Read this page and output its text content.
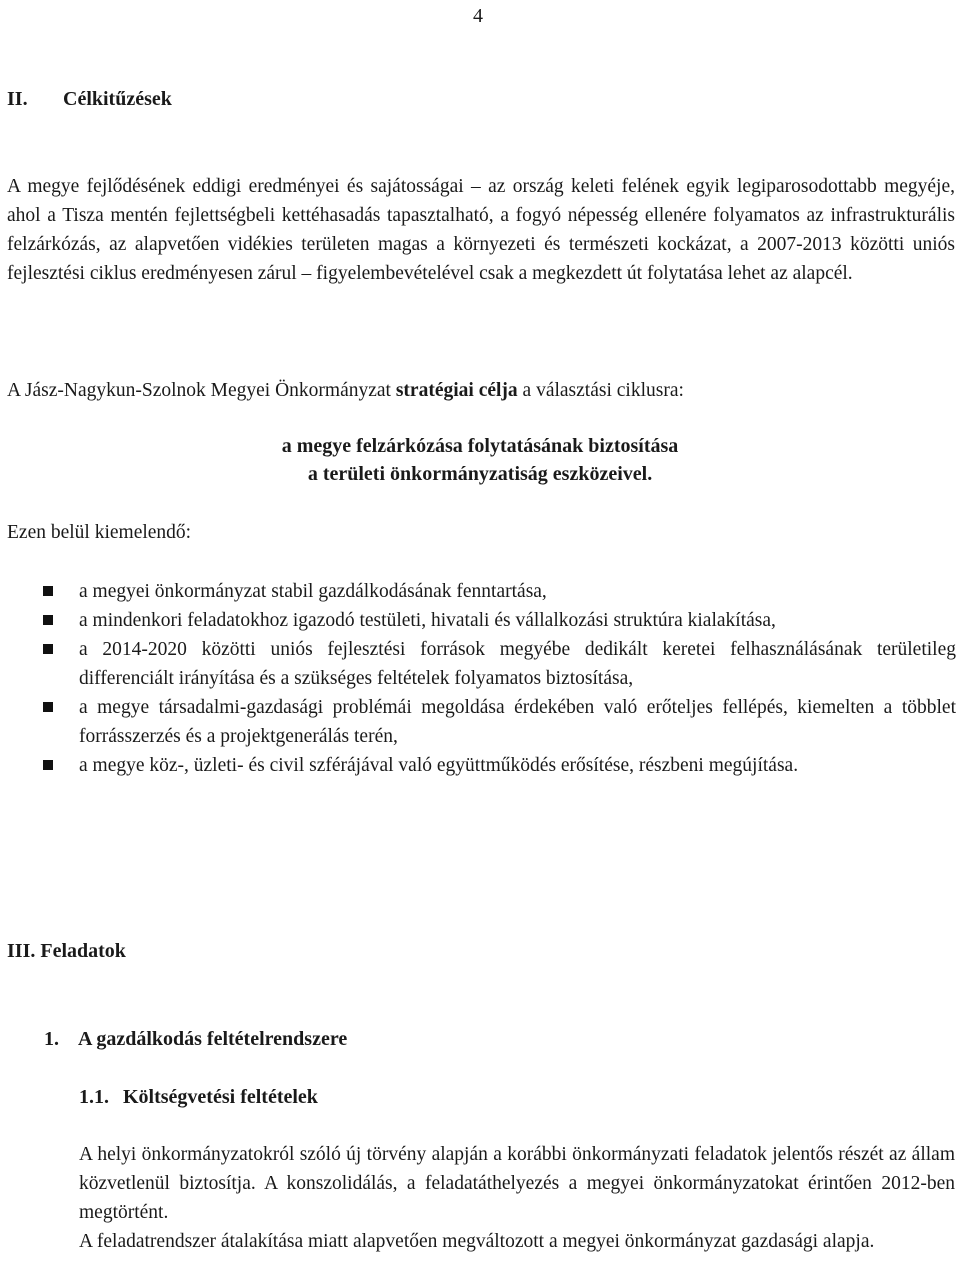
4
II. Célkitűzések
A megye fejlődésének eddigi eredményei és sajátosságai – az ország keleti felének egyik legiparosodottabb megyéje, ahol a Tisza mentén fejlettségbeli kettéhasadás tapasztalható, a fogyó népesség ellenére folyamatos az infrastrukturális felzárkózás, az alapvetően vidékies területen magas a környezeti és természeti kockázat, a 2007-2013 közötti uniós fejlesztési ciklus eredményesen zárul – figyelembevételével csak a megkezdett út folytatása lehet az alapcél.
A Jász-Nagykun-Szolnok Megyei Önkormányzat stratégiai célja a választási ciklusra:
a megye felzárkózása folytatásának biztosítása
a területi önkormányzatiság eszközeivel.
Ezen belül kiemelendő:
a megyei önkormányzat stabil gazdálkodásának fenntartása,
a mindenkori feladatokhoz igazodó testületi, hivatali és vállalkozási struktúra kialakítása,
a 2014-2020 közötti uniós fejlesztési források megyébe dedikált keretei felhasználásának területileg differenciált irányítása és a szükséges feltételek folyamatos biztosítása,
a megye társadalmi-gazdasági problémái megoldása érdekében való erőteljes fellépés, kiemelten a többlet forrásszerzés és a projektgenerálás terén,
a megye köz-, üzleti- és civil szférájával való együttműködés erősítése, részbeni megújítása.
III. Feladatok
1. A gazdálkodás feltételrendszere
1.1. Költségvetési feltételek

A helyi önkormányzatokról szóló új törvény alapján a korábbi önkormányzati feladatok jelentős részét az állam közvetlenül biztosítja. A konszolidálás, a feladatáthelyezés a megyei önkormányzatokat érintően 2012-ben megtörtént.

A feladatrendszer átalakítása miatt alapvetően megváltozott a megyei önkormányzat gazdasági alapja.
